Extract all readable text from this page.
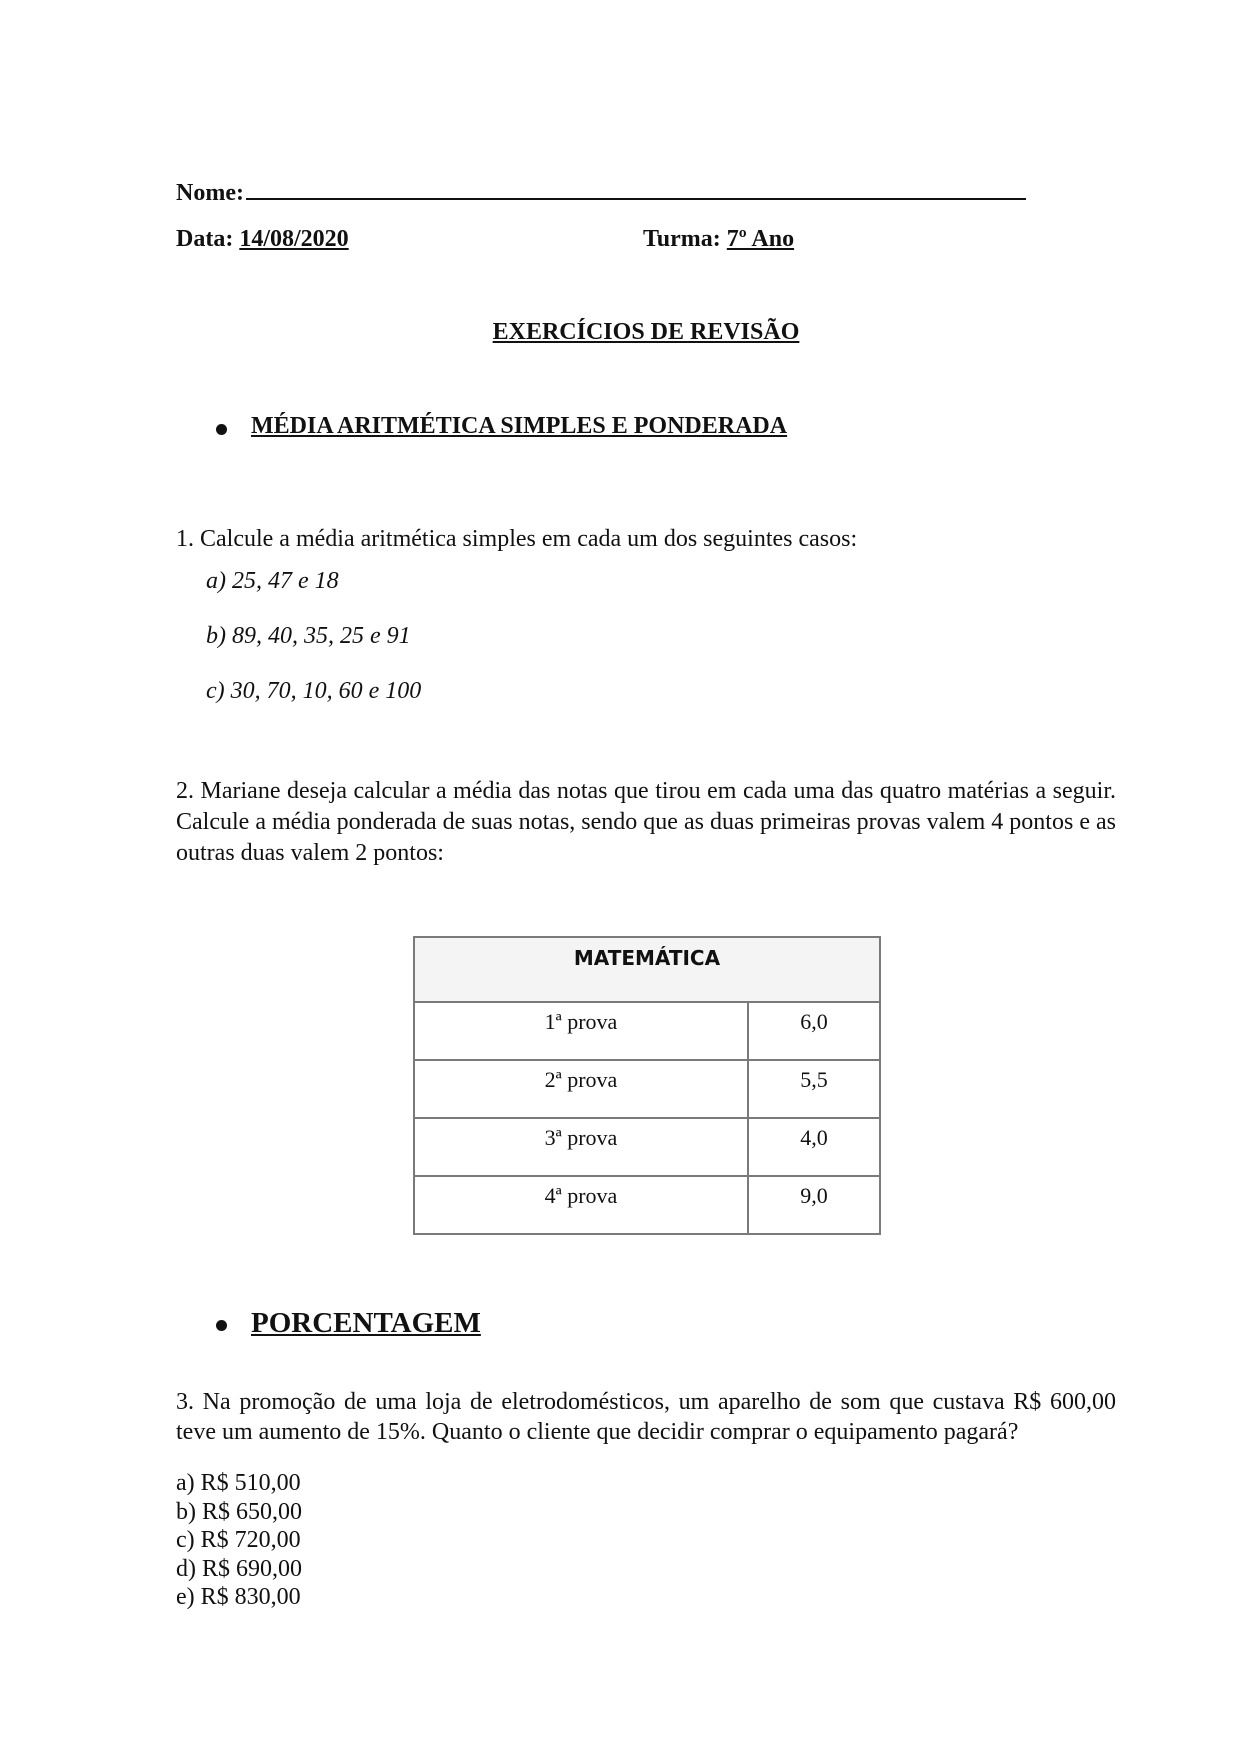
Nome:
Data: 14/08/2020	Turma: 7º Ano
EXERCÍCIOS DE REVISÃO
MÉDIA ARITMÉTICA SIMPLES E PONDERADA
1. Calcule a média aritmética simples em cada um dos seguintes casos:
a) 25, 47 e 18
b) 89, 40, 35, 25 e 91
c) 30, 70, 10, 60 e 100
2. Mariane deseja calcular a média das notas que tirou em cada uma das quatro matérias a seguir. Calcule a média ponderada de suas notas, sendo que as duas primeiras provas valem 4 pontos e as outras duas valem 2 pontos:
MATEMÁTICA	
1ª prova	6,0
2ª prova	5,5
3ª prova	4,0
4ª prova	9,0
PORCENTAGEM
3. Na promoção de uma loja de eletrodomésticos, um aparelho de som que custava R$ 600,00 teve um aumento de 15%. Quanto o cliente que decidir comprar o equipamento pagará?
a) R$ 510,00
b) R$ 650,00
c) R$ 720,00
d) R$ 690,00
e) R$ 830,00
